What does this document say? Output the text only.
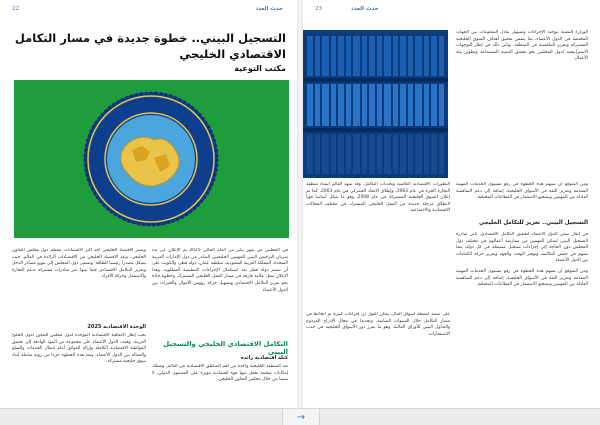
22	حدث العدد
التسجيل البيني.. خطوة جديدة في مسار التكامل الاقتصادي الخليجي
مكتب التوعية

في المجلس من شهر يناير من العام الحالي 2025 تم الإعلان عن بدء سريان الترخيص البيني للمهنيين الخليجيين الصادر من دول الإمارات العربية المتحدة، المملكة العربية السعودية، سلطنة عمان، دولة قطر، والكويت على أن تتضم دولة قطر بعد استكمال الإجراءات التنظيمية المطلوبة. وهذا الإعلان يمثل علامة فارقة في مسار العمل الخليجي المشترك، وخطوة جادة نحو تعزيز التكامل الاقتصادي وتسهيل حركة رؤوس الأموال والخبرات بين الدول الأعضاء.

التكامل الاقتصادي الخليجي والتسجيل البيني
كتلة اقتصادية رائدة

تعد المنطقة الخليجية واحدة من أهم المناطق الاقتصادية في العالم، وتمتلك إمكانات ضخمة تجعل منها قوة اقتصادية مؤثرة على المستوى الدولي، لا سيما من خلال مجلس التعاون الخليجي.

ويعتبر الاقتصاد الخليجي أحد أكبر الاقتصادات معظم دول مجلس التعاون الخليجي، ويعد الاقتصاد الخليجي من الاقتصادات الرائدة في العالم، حيث يشكل مصدرا رئيسيا للطاقة. وتسعى دول المجلس إلى تنويع مصادر الدخل وتعزيز التكامل الاقتصادي فيما بينها عبر مبادرات مشتركة تدعم التجارة والاستثمار وحركة الأفراد.

الوحدة الاقتصادية 2025

تحت إطار الاتفاقية الاقتصادية الموحدة لدول مجلس التعاون لدول الخليج العربية، وقعت الدول الأعضاء على مجموعة من البنود الهادفة إلى تحقيق المواطنة الاقتصادية الكاملة وإزالة العوائق أمام انتقال الخدمات والسلع والعمالة بين الدول الأعضاء، وتعد هذه الخطوة جزءا من رؤية شاملة لبناء سوق خليجية مشتركة.

23	حدث العدد

الوزارة المعنية بتوحيد الإجراءات وتسهيل تبادل المعلومات بين الجهات المختصة في الدول الأعضاء، بما يضمن تحقيق أهداف السوق الخليجية المشتركة وتعزيز التنافسية في المنطقة. ويأتي ذلك في إطار التوجهات الاستراتيجية لدول المجلس نحو تحقيق التنمية المستدامة وتطوير بيئة الأعمال.

ومن المتوقع أن تسهم هذه الخطوة في رفع مستوى الخدمات المهنية المقدمة وتعزيز الثقة في الأسواق الخليجية، إضافة إلى دعم المنافسة العادلة بين المهنيين وتشجيع الاستثمار في القطاعات المختلفة.

التسجيل البيني.. تعزيز للتكامل الخليجي

في إطار سعي الدول الأعضاء لتحقيق التكامل الاقتصادي، تأتي مبادرة التسجيل البيني لتمكن المهنيين من ممارسة أعمالهم في مختلف دول المجلس دون الحاجة إلى إجراءات تسجيل مستقلة في كل دولة، مما يسهم في خفض التكاليف وتوفير الوقت والجهد وتعزيز حركة الكفاءات بين الدول الأعضاء.

ومن المتوقع أن تسهم هذه الخطوة في رفع مستوى الخدمات المهنية المقدمة وتعزيز الثقة في الأسواق الخليجية، إضافة إلى دعم المنافسة العادلة بين المهنيين وتشجيع الاستثمار في القطاعات المختلفة.

التطورات الاقتصادية العالمية وتحديات التكامل، وقد شهد العالم انشاء منطقة التجارة الحرة في عام 1983، وإطلاق الاتحاد الجمركي في عام 2003، كما تم إعلان السوق الخليجية المشتركة في عام 2008، وهو ما شكل أساسا قويا لانطلاق مرحلة جديدة من العمل الخليجي المشترك في مختلف المجالات الاقتصادية والاجتماعية.

على صعيد أنشطة أسواق المال، يمكن القول إن إجراءات كثيرة تم اتخاذها في مسار التكامل خلال السنوات السابقة، وتحديدا في مجال الإدراج المزدوج والتداول البيني للأوراق المالية، وهو ما يعزز دور الأسواق الخليجية في جذب الاستثمارات.

→
